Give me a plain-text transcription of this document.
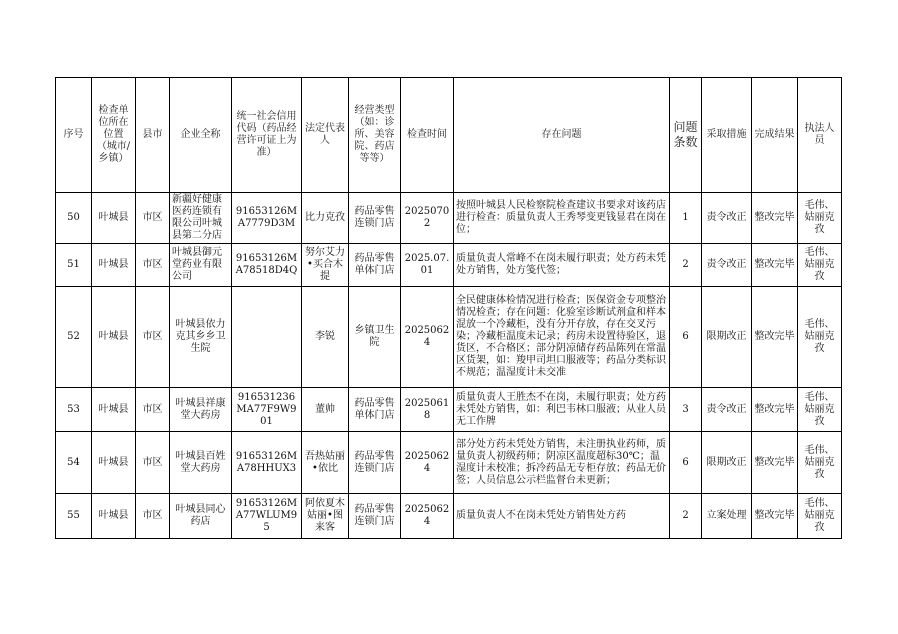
序号	检查单位所在位置（城市/乡镇）	县市	企业全称	统一社会信用代码（药品经营许可证上为准）	法定代表人	经营类型（如：诊所、美容院、药店等等）	检查时间	存在问题	问题条数	采取措施	完成结果	执法人员
50	叶城县	市区	新疆好健康医药连锁有限公司叶城县第二分店	91653126MA7779D3M	比力克孜	药品零售连锁门店	20250702	按照叶城县人民检察院检查建议书要求对该药店进行检查：质量负责人王秀琴变更钱显君在岗在位；	1	责令改正	整改完毕	毛伟、姑丽克孜
51	叶城县	市区	叶城县御元堂药业有限公司	91653126MA78518D4Q	努尔艾力•买合木提	药品零售单体门店	2025.07.01	质量负责人常峰不在岗未履行职责；处方药未凭处方销售，处方笺代签；	2	责令改正	整改完毕	毛伟、姑丽克孜
52	叶城县	市区	叶城县依力克其乡乡卫生院		李锐	乡镇卫生院	20250624	全民健康体检情况进行检查；医保资金专项整治情况检查；存在问题：化验室诊断试剂盒和样本混放一个冷藏柜，没有分开存放，存在交叉污染；冷藏柜温度未记录；药房未设置待验区，退货区，不合格区；部分阴凉储存药品陈列在常温区货架，如：羧甲司坦口服液等；药品分类标识不规范；温湿度计未交准	6	限期改正	整改完毕	毛伟、姑丽克孜
53	叶城县	市区	叶城县祥康堂大药房	916531236MA77F9W901	董帅	药品零售单体门店	20250618	质量负责人王胜杰不在岗，未履行职责；处方药未凭处方销售，如：利巴韦林口服液；从业人员无工作牌	3	责令改正	整改完毕	毛伟、姑丽克孜
54	叶城县	市区	叶城县百姓堂大药房	91653126MA78HHUX3	吾热姑丽•依比	药品零售连锁门店	20250624	部分处方药未凭处方销售，未注册执业药师，质量负责人初级药师；阴凉区温度超标30℃；温湿度计未校准；拆冷药品无专柜存放；药品无价签；人员信息公示栏监督台未更新；	6	限期改正	整改完毕	毛伟、姑丽克孜
55	叶城县	市区	叶城县同心药店	91653126MA77WLUM95	阿依夏木姑丽•图来客	药品零售连锁门店	20250624	质量负责人不在岗未凭处方销售处方药	2	立案处理	整改完毕	毛伟、姑丽克孜
